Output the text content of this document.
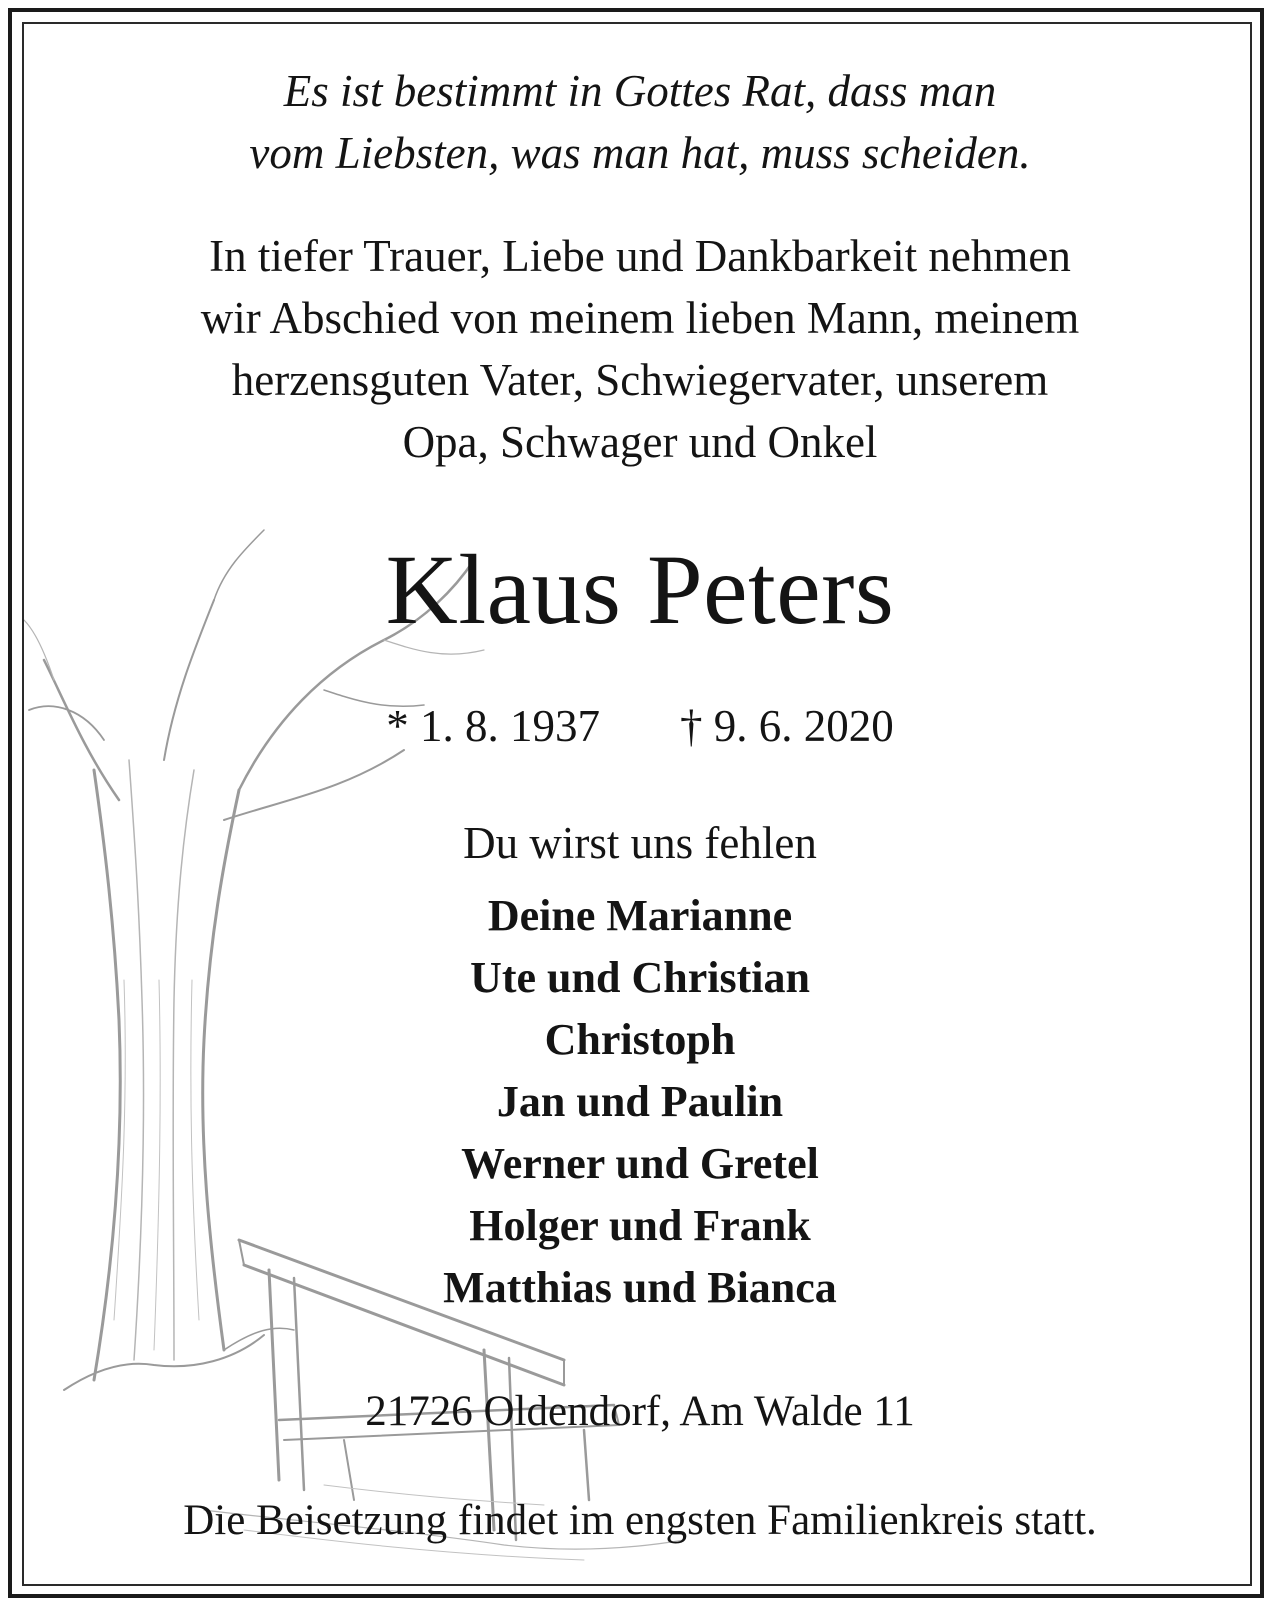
Es ist bestimmt in Gottes Rat, dass man
vom Liebsten, was man hat, muss scheiden.
In tiefer Trauer, Liebe und Dankbarkeit nehmen
wir Abschied von meinem lieben Mann, meinem
herzensguten Vater, Schwiegervater, unserem
Opa, Schwager und Onkel
Klaus Peters
* 1. 8. 1937 † 9. 6. 2020
Du wirst uns fehlen
Deine Marianne
Ute und Christian
Christoph
Jan und Paulin
Werner und Gretel
Holger und Frank
Matthias und Bianca
21726 Oldendorf, Am Walde 11
Die Beisetzung findet im engsten Familienkreis statt.
